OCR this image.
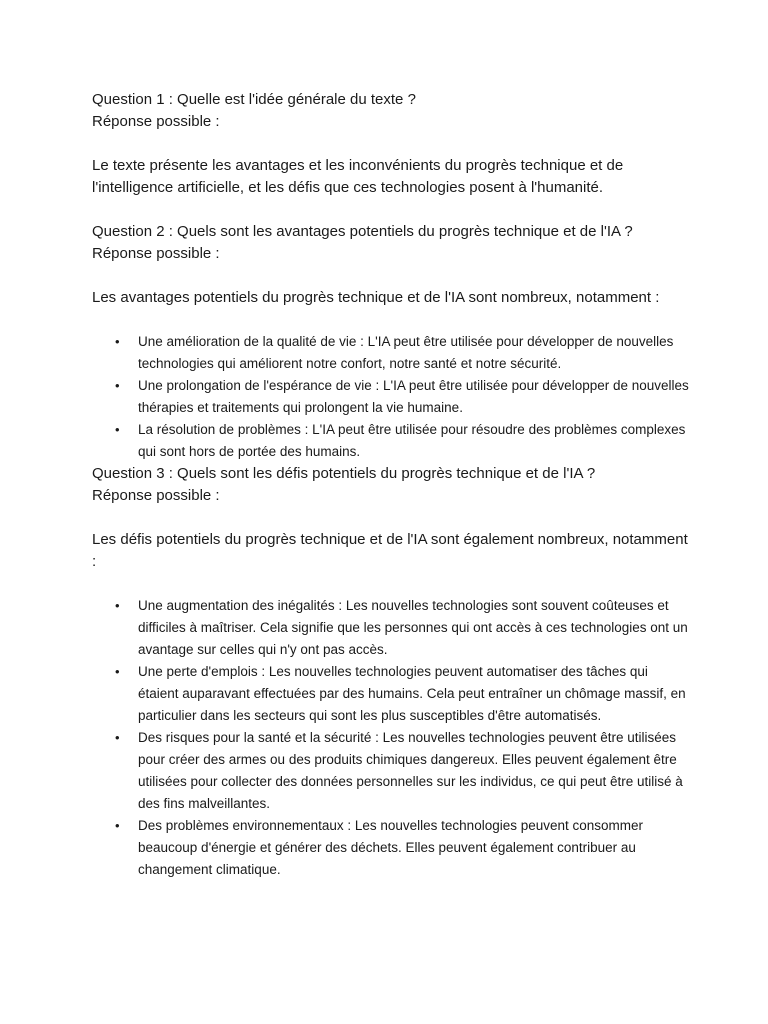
Question 1 : Quelle est l'idée générale du texte ?

Réponse possible :

Le texte présente les avantages et les inconvénients du progrès technique et de l'intelligence artificielle, et les défis que ces technologies posent à l'humanité.

Question 2 : Quels sont les avantages potentiels du progrès technique et de l'IA ?

Réponse possible :

Les avantages potentiels du progrès technique et de l'IA sont nombreux, notamment :

• Une amélioration de la qualité de vie : L'IA peut être utilisée pour développer de nouvelles technologies qui améliorent notre confort, notre santé et notre sécurité.
• Une prolongation de l'espérance de vie : L'IA peut être utilisée pour développer de nouvelles thérapies et traitements qui prolongent la vie humaine.
• La résolution de problèmes : L'IA peut être utilisée pour résoudre des problèmes complexes qui sont hors de portée des humains.

Question 3 : Quels sont les défis potentiels du progrès technique et de l'IA ?

Réponse possible :

Les défis potentiels du progrès technique et de l'IA sont également nombreux, notamment :

• Une augmentation des inégalités : Les nouvelles technologies sont souvent coûteuses et difficiles à maîtriser. Cela signifie que les personnes qui ont accès à ces technologies ont un avantage sur celles qui n'y ont pas accès.
• Une perte d'emplois : Les nouvelles technologies peuvent automatiser des tâches qui étaient auparavant effectuées par des humains. Cela peut entraîner un chômage massif, en particulier dans les secteurs qui sont les plus susceptibles d'être automatisés.
• Des risques pour la santé et la sécurité : Les nouvelles technologies peuvent être utilisées pour créer des armes ou des produits chimiques dangereux. Elles peuvent également être utilisées pour collecter des données personnelles sur les individus, ce qui peut être utilisé à des fins malveillantes.
• Des problèmes environnementaux : Les nouvelles technologies peuvent consommer beaucoup d'énergie et générer des déchets. Elles peuvent également contribuer au changement climatique.
